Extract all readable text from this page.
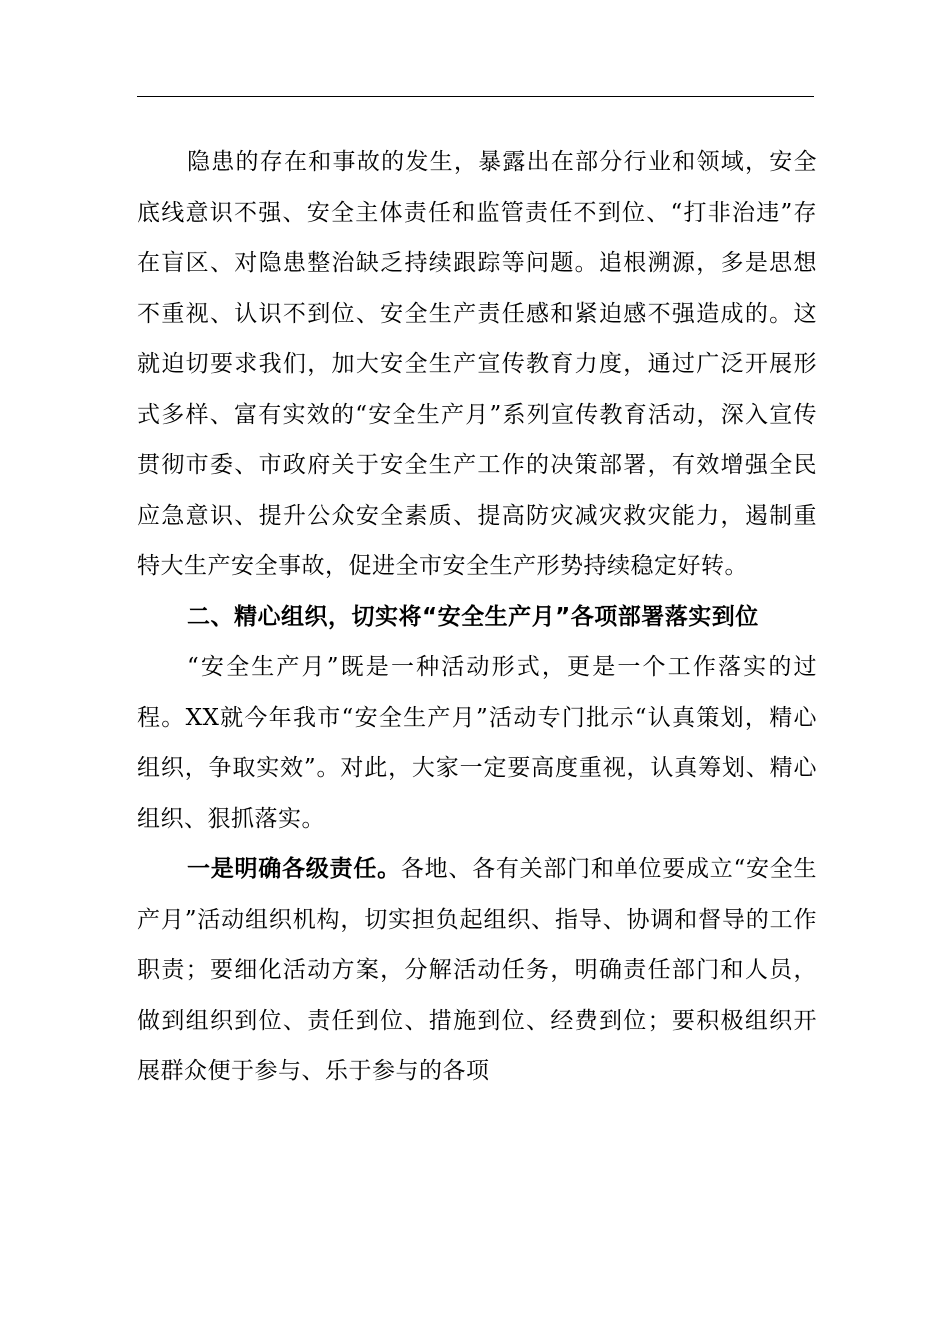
隐患的存在和事故的发生，暴露出在部分行业和领域，安全底线意识不强、安全主体责任和监管责任不到位、“打非治违”存在盲区、对隐患整治缺乏持续跟踪等问题。追根溯源，多是思想不重视、认识不到位、安全生产责任感和紧迫感不强造成的。这就迫切要求我们，加大安全生产宣传教育力度，通过广泛开展形式多样、富有实效的“安全生产月”系列宣传教育活动，深入宣传贯彻市委、市政府关于安全生产工作的决策部署，有效增强全民应急意识、提升公众安全素质、提高防灾减灾救灾能力，遏制重特大生产安全事故，促进全市安全生产形势持续稳定好转。

二、精心组织，切实将“安全生产月”各项部署落实到位

“安全生产月”既是一种活动形式，更是一个工作落实的过程。XX就今年我市“安全生产月”活动专门批示“认真策划，精心组织，争取实效”。对此，大家一定要高度重视，认真筹划、精心组织、狠抓落实。

一是明确各级责任。各地、各有关部门和单位要成立“安全生产月”活动组织机构，切实担负起组织、指导、协调和督导的工作职责；要细化活动方案，分解活动任务，明确责任部门和人员，做到组织到位、责任到位、措施到位、经费到位；要积极组织开展群众便于参与、乐于参与的各项
